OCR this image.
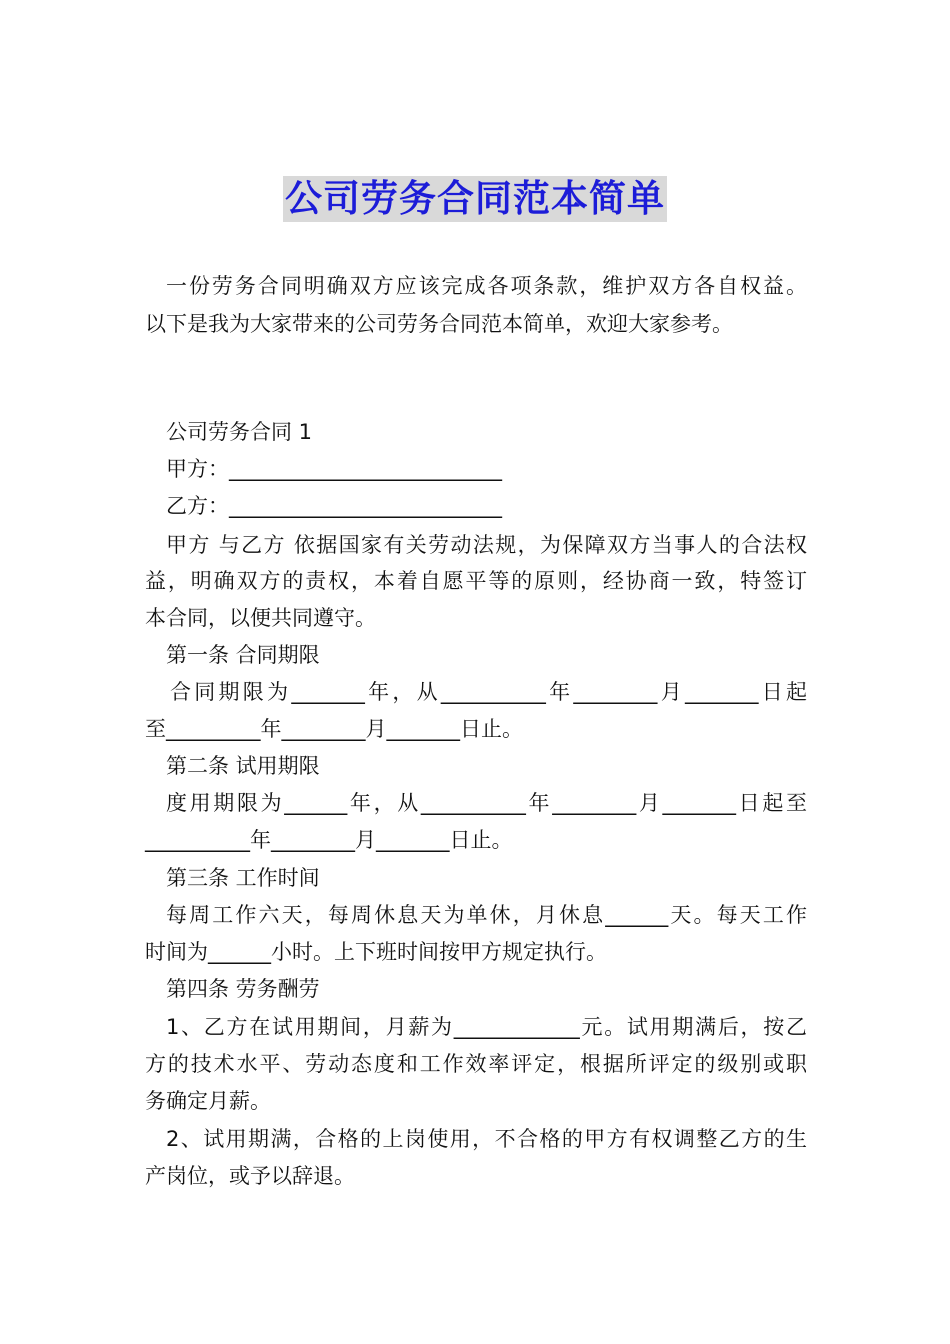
公司劳务合同范本简单
一份劳务合同明确双方应该完成各项条款，维护双方各自权益。
以下是我为大家带来的公司劳务合同范本简单，欢迎大家参考。
公司劳务合同 1
甲方：__________________________
乙方：__________________________
甲方 与乙方 依据国家有关劳动法规，为保障双方当事人的合法权
益，明确双方的责权，本着自愿平等的原则，经协商一致，特签订
本合同，以便共同遵守。
第一条 合同期限
合同期限为_______年，从__________年________月_______日起
至_________年________月_______日止。
第二条 试用期限
度用期限为______年，从__________年________月_______日起至
__________年________月_______日止。
第三条 工作时间
每周工作六天，每周休息天为单休，月休息______天。每天工作
时间为______小时。上下班时间按甲方规定执行。
第四条 劳务酬劳
1、乙方在试用期间，月薪为____________元。试用期满后，按乙
方的技术水平、劳动态度和工作效率评定，根据所评定的级别或职
务确定月薪。
2、试用期满，合格的上岗使用，不合格的甲方有权调整乙方的生
产岗位，或予以辞退。
